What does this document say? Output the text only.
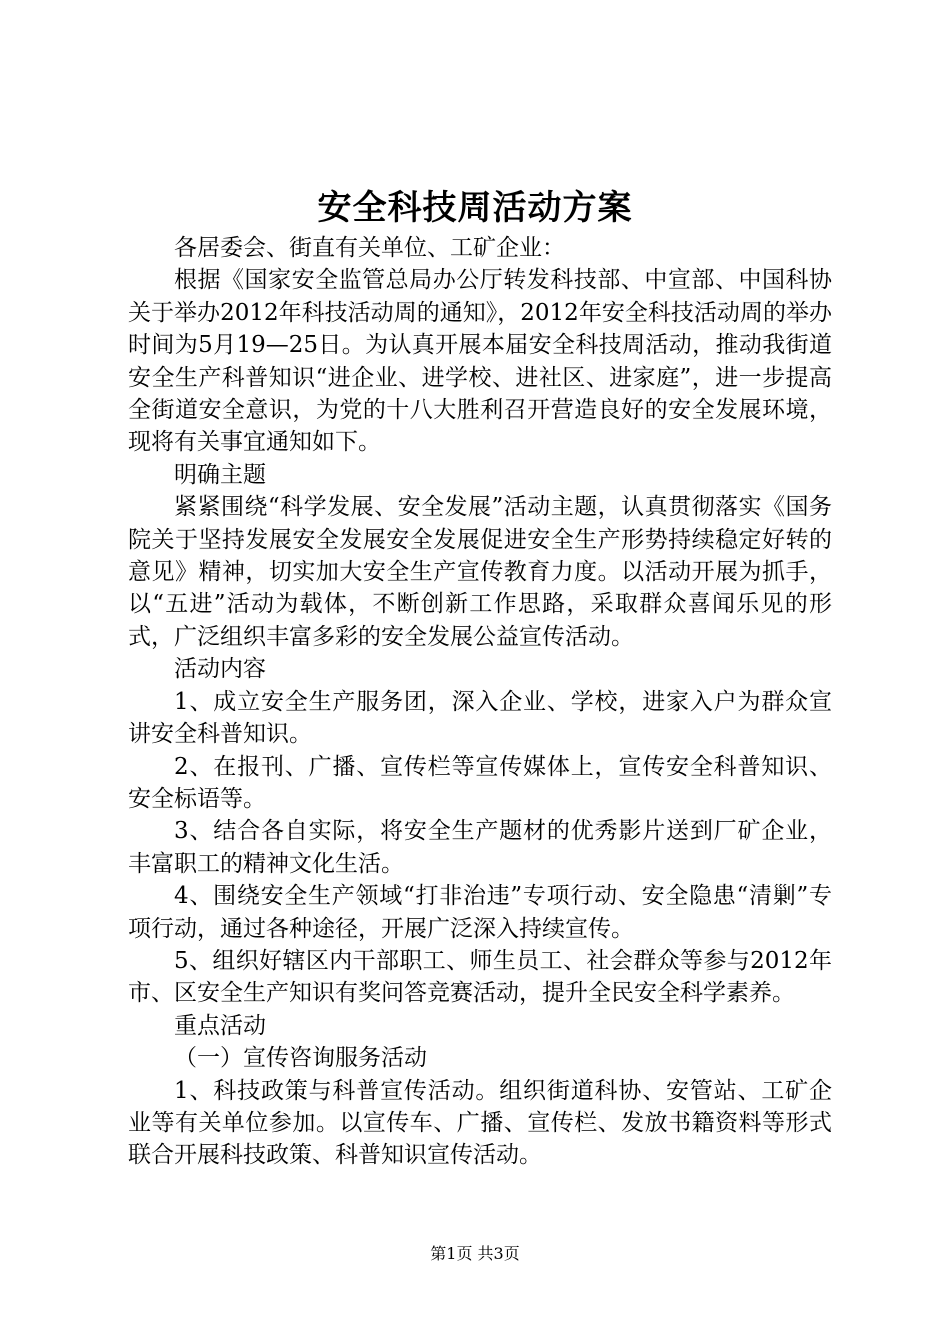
安全科技周活动方案

各居委会、街直有关单位、工矿企业：

根据《国家安全监管总局办公厅转发科技部、中宣部、中国科协关于举办2012年科技活动周的通知》，2012年安全科技活动周的举办时间为5月19—25日。为认真开展本届安全科技周活动，推动我街道安全生产科普知识“进企业、进学校、进社区、进家庭”，进一步提高全街道安全意识，为党的十八大胜利召开营造良好的安全发展环境，现将有关事宜通知如下。

明确主题

紧紧围绕“科学发展、安全发展”活动主题，认真贯彻落实《国务院关于坚持发展安全发展安全发展促进安全生产形势持续稳定好转的意见》精神，切实加大安全生产宣传教育力度。以活动开展为抓手，以“五进”活动为载体，不断创新工作思路，采取群众喜闻乐见的形式，广泛组织丰富多彩的安全发展公益宣传活动。

活动内容

1、成立安全生产服务团，深入企业、学校，进家入户为群众宣讲安全科普知识。

2、在报刊、广播、宣传栏等宣传媒体上，宣传安全科普知识、安全标语等。

3、结合各自实际，将安全生产题材的优秀影片送到厂矿企业，丰富职工的精神文化生活。

4、围绕安全生产领域“打非治违”专项行动、安全隐患“清剿”专项行动，通过各种途径，开展广泛深入持续宣传。

5、组织好辖区内干部职工、师生员工、社会群众等参与2012年市、区安全生产知识有奖问答竞赛活动，提升全民安全科学素养。

重点活动

（一）宣传咨询服务活动

1、科技政策与科普宣传活动。组织街道科协、安管站、工矿企业等有关单位参加。以宣传车、广播、宣传栏、发放书籍资料等形式联合开展科技政策、科普知识宣传活动。

第1页 共3页
